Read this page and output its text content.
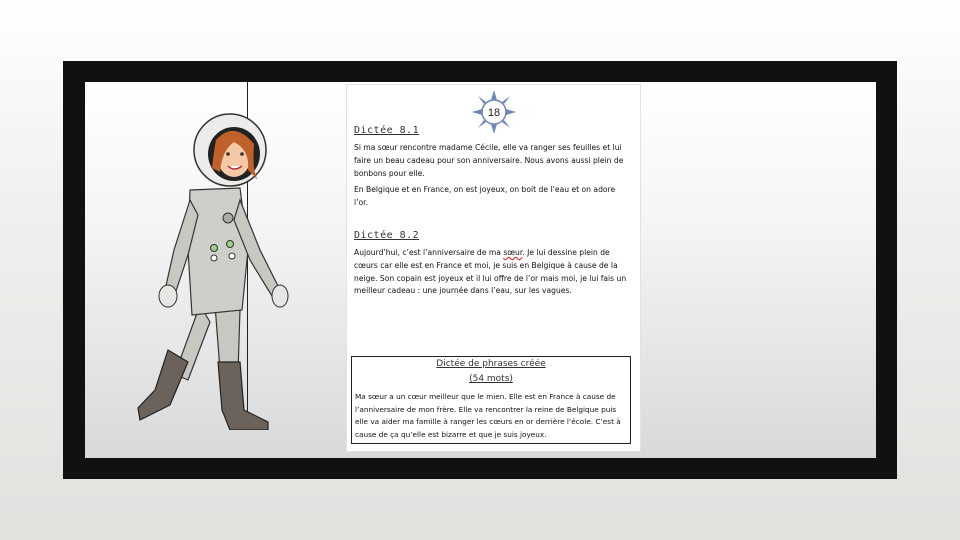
18
Dictée 8.1
Si ma sœur rencontre madame Cécile, elle va ranger ses feuilles et lui faire un beau cadeau pour son anniversaire. Nous avons aussi plein de bonbons pour elle.
En Belgique et en France, on est joyeux, on boit de l’eau et on adore l’or.
Dictée 8.2
Aujourd’hui, c’est l’anniversaire de ma sœur. Je lui dessine plein de cœurs car elle est en France et moi, je suis en Belgique à cause de la neige. Son copain est joyeux et il lui offre de l’or mais moi, je lui fais un meilleur cadeau : une journée dans l’eau, sur les vagues.
Dictée de phrases créée
(54 mots)
Ma sœur a un cœur meilleur que le mien. Elle est en France à cause de l’anniversaire de mon frère. Elle va rencontrer la reine de Belgique puis elle va aider ma famille à ranger les cœurs en or derrière l’école. C’est à cause de ça qu’elle est bizarre et que je suis joyeux.
